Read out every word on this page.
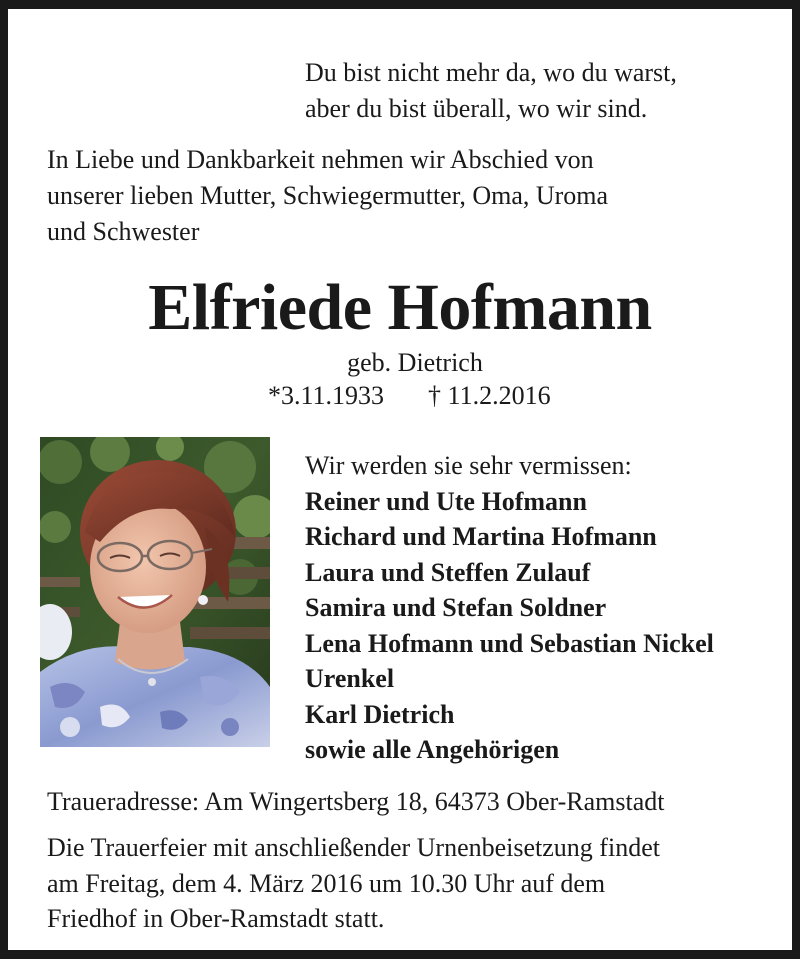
Du bist nicht mehr da, wo du warst,
aber du bist überall, wo wir sind.
In Liebe und Dankbarkeit nehmen wir Abschied von
unserer lieben Mutter, Schwiegermutter, Oma, Uroma
und Schwester
Elfriede Hofmann
geb. Dietrich
*3.11.1933 † 11.2.2016
Wir werden sie sehr vermissen:
Reiner und Ute Hofmann
Richard und Martina Hofmann
Laura und Steffen Zulauf
Samira und Stefan Soldner
Lena Hofmann und Sebastian Nickel
Urenkel
Karl Dietrich
sowie alle Angehörigen
Traueradresse: Am Wingertsberg 18, 64373 Ober-Ramstadt
Die Trauerfeier mit anschließender Urnenbeisetzung findet
am Freitag, dem 4. März 2016 um 10.30 Uhr auf dem
Friedhof in Ober-Ramstadt statt.
